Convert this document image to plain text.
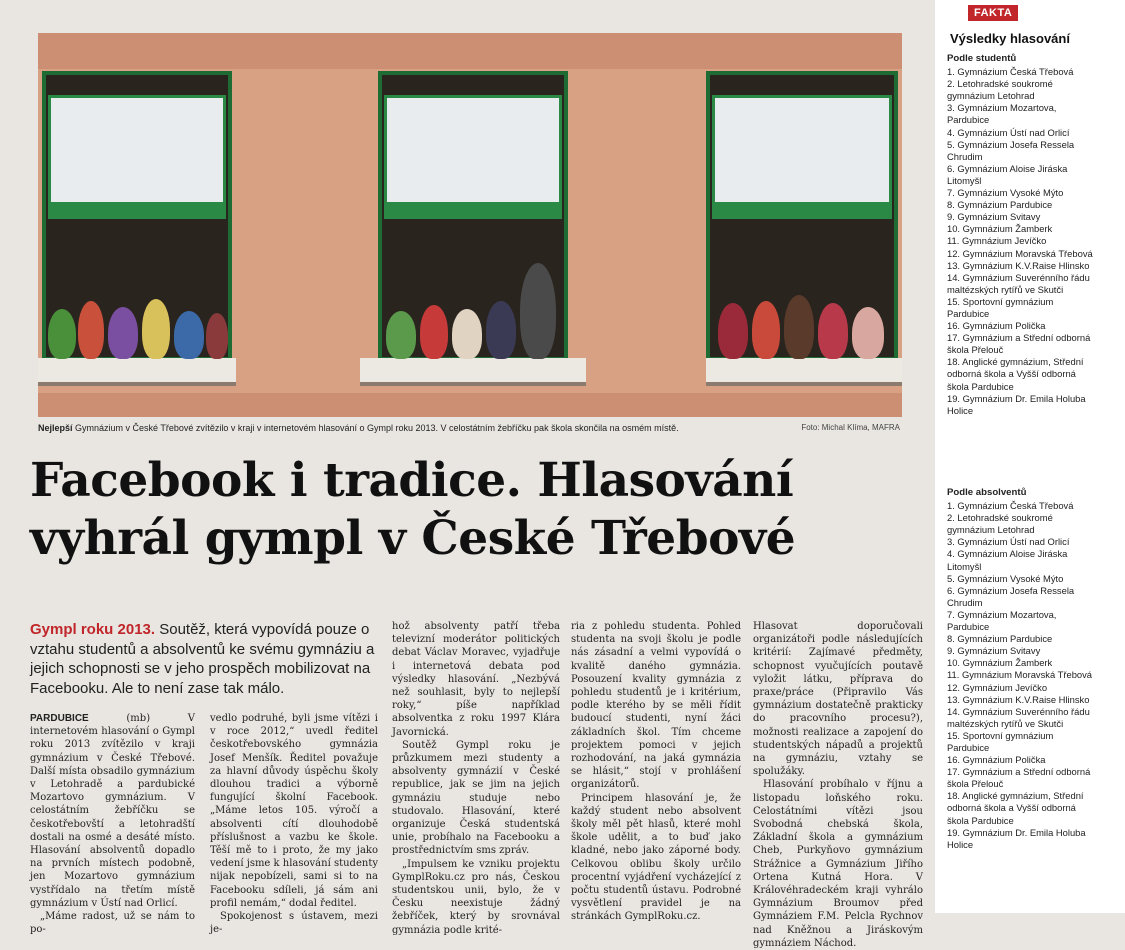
Nejlepší Gymnázium v České Třebové zvítězilo v kraji v internetovém hlasování o Gympl roku 2013. V celostátním žebříčku pak škola skončila na osmém místě.	Foto: Michal Klíma, MAFRA
Facebook i tradice. Hlasování
vyhrál gympl v České Třebové
Gympl roku 2013. Soutěž, která vypovídá pouze o vztahu studentů a absolventů ke svému gymnáziu a jejich schopnosti se v jeho prospěch mobilizovat na Facebooku. Ale to není zase tak málo.

PARDUBICE	(mb) V internetovém hlasování o Gympl roku 2013 zvítězilo v kraji gymnázium v České Třebové. Další místa obsadilo gymnázium v Letohradě a pardubické Mozartovo gymnázium. V celostátním žebříčku se českotřebovští a letohradští dostali na osmé a desáté místo. Hlasování absolventů dopadlo na prvních místech podobně, jen Mozartovo gymnázium vystřídalo na třetím místě gymnázium v Ústí nad Orlicí.

„Máme radost, už se nám to po-

vedlo podruhé, byli jsme vítězi i v roce 2012,“ uvedl ředitel českotřebovského gymnázia Josef Menšík. Ředitel považuje za hlavní důvody úspěchu školy dlouhou tradici a výborně fungující školní Facebook. „Máme letos 105. výročí a absolventi cítí dlouhodobě příslušnost a vazbu ke škole. Těší mě to i proto, že my jako vedení jsme k hlasování studenty nijak nepobízeli, sami si to na Facebooku sdíleli, já sám ani profil nemám,“ dodal ředitel.

Spokojenost s ústavem, mezi je-

hož absolventy patří třeba televizní moderátor politických debat Václav Moravec, vyjadřuje i internetová debata pod výsledky hlasování. „Nezbývá než souhlasit, byly to nejlepší roky,“ píše například absolventka z roku 1997 Klára Javornická.

Soutěž Gympl roku je průzkumem mezi studenty a absolventy gymnázií v České republice, jak se jim na jejich gymnáziu studuje nebo studovalo. Hlasování, které organizuje Česká studentská unie, probíhalo na Facebooku a prostřednictvím sms zpráv.

„Impulsem ke vzniku projektu GymplRoku.cz pro nás, Českou studentskou unii, bylo, že v Česku neexistuje žádný žebříček, který by srovnával gymnázia podle krité-

ria z pohledu studenta. Pohled studenta na svoji školu je podle nás zásadní a velmi vypovídá o kvalitě daného gymnázia. Posouzení kvality gymnázia z pohledu studentů je i kritérium, podle kterého by se měli řídit budoucí studenti, nyní žáci základních škol. Tím chceme projektem pomoci v jejich rozhodování, na jaká gymnázia se hlásit,“ stojí v prohlášení organizátorů.

Principem hlasování je, že každý student nebo absolvent školy měl pět hlasů, které mohl škole udělit, a to buď jako kladné, nebo jako záporné body. Celkovou oblibu školy určilo procentní vyjádření vycházející z počtu studentů ústavu. Podrobné vysvětlení pravidel je na stránkách GymplRoku.cz.

Hlasovat doporučovali organizátoři podle následujících kritérií: Zajímavé předměty, schopnost vyučujících poutavě vyložit látku, příprava do praxe/práce (Připravilo Vás gymnázium dostatečně prakticky do pracovního procesu?), možnosti realizace a zapojení do studentských nápadů a projektů na gymnáziu, vztahy se spolužáky.

Hlasování probíhalo v říjnu a listopadu loňského roku. Celostátními vítězi jsou Svobodná chebská škola, Základní škola a gymnázium Cheb, Purkyňovo gymnázium Strážnice a Gymnázium Jiřího Ortena Kutná Hora. V Královéhradeckém kraji vyhrálo Gymnázium Broumov před Gymnáziem F.M. Pelcla Rychnov nad Kněžnou a Jiráskovým gymnáziem Náchod.

FAKTA
Výsledky hlasování
Podle studentů
1. Gymnázium Česká Třebová
2. Letohradské soukromé
gymnázium Letohrad
3. Gymnázium Mozartova,
Pardubice
4. Gymnázium Ústí nad Orlicí
5. Gymnázium Josefa Ressela
Chrudim
6. Gymnázium Aloise Jiráska
Litomyšl
7. Gymnázium Vysoké Mýto
8. Gymnázium Pardubice
9. Gymnázium Svitavy
10. Gymnázium Žamberk
11. Gymnázium Jevíčko
12. Gymnázium Moravská Třebová
13. Gymnázium K.V.Raise Hlinsko
14. Gymnázium Suverénního řádu
maltézských rytířů ve Skutči
15. Sportovní gymnázium
Pardubice
16. Gymnázium Polička
17. Gymnázium a Střední odborná
škola Přelouč
18. Anglické gymnázium, Střední
odborná škola a Vyšší odborná
škola Pardubice
19. Gymnázium Dr. Emila Holuba
Holice
Podle absolventů
1. Gymnázium Česká Třebová
2. Letohradské soukromé
gymnázium Letohrad
3. Gymnázium Ústí nad Orlicí
4. Gymnázium Aloise Jiráska
Litomyšl
5. Gymnázium Vysoké Mýto
6. Gymnázium Josefa Ressela
Chrudim
7. Gymnázium Mozartova,
Pardubice
8. Gymnázium Pardubice
9. Gymnázium Svitavy
10. Gymnázium Žamberk
11. Gymnázium Moravská Třebová
12. Gymnázium Jevíčko
13. Gymnázium K.V.Raise Hlinsko
14. Gymnázium Suverénního řádu
maltézských rytířů ve Skutči
15. Sportovní gymnázium
Pardubice
16. Gymnázium Polička
17. Gymnázium a Střední odborná
škola Přelouč
18. Anglické gymnázium, Střední
odborná škola a Vyšší odborná
škola Pardubice
19. Gymnázium Dr. Emila Holuba
Holice
